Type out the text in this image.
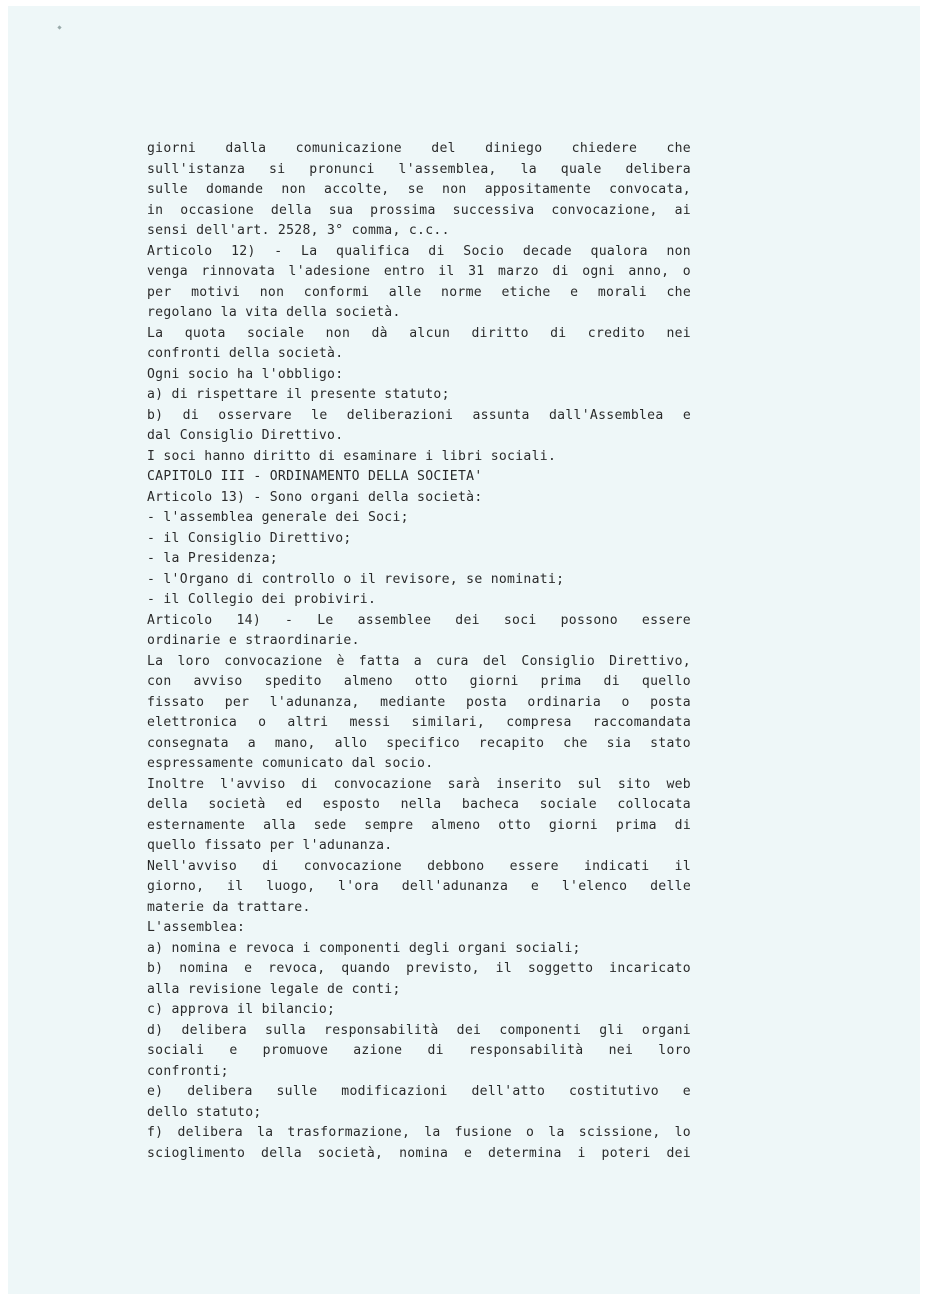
giorni dalla comunicazione del diniego chiedere che
sull'istanza si pronunci l'assemblea, la quale delibera
sulle domande non accolte, se non appositamente convocata,
in occasione della sua prossima successiva convocazione, ai
sensi dell'art. 2528, 3° comma, c.c..
Articolo 12) - La qualifica di Socio decade qualora non
venga rinnovata l'adesione entro il 31 marzo di ogni anno, o
per motivi non conformi alle norme etiche e morali che
regolano la vita della società.
La quota sociale non dà alcun diritto di credito nei
confronti della società.
Ogni socio ha l'obbligo:
a) di rispettare il presente statuto;
b) di osservare le deliberazioni assunta dall'Assemblea e
dal Consiglio Direttivo.
I soci hanno diritto di esaminare i libri sociali.
CAPITOLO III - ORDINAMENTO DELLA SOCIETA'
Articolo 13) - Sono organi della società:
- l'assemblea generale dei Soci;
- il Consiglio Direttivo;
- la Presidenza;
- l'Organo di controllo o il revisore, se nominati;
- il Collegio dei probiviri.
Articolo 14) - Le assemblee dei soci possono essere
ordinarie e straordinarie.
La loro convocazione è fatta a cura del Consiglio Direttivo,
con avviso spedito almeno otto giorni prima di quello
fissato per l'adunanza, mediante posta ordinaria o posta
elettronica o altri messi similari, compresa raccomandata
consegnata a mano, allo specifico recapito che sia stato
espressamente comunicato dal socio.
Inoltre l'avviso di convocazione sarà inserito sul sito web
della società ed esposto nella bacheca sociale collocata
esternamente alla sede sempre almeno otto giorni prima di
quello fissato per l'adunanza.
Nell'avviso di convocazione debbono essere indicati il
giorno, il luogo, l'ora dell'adunanza e l'elenco delle
materie da trattare.
L'assemblea:
a) nomina e revoca i componenti degli organi sociali;
b) nomina e revoca, quando previsto, il soggetto incaricato
alla revisione legale de conti;
c) approva il bilancio;
d) delibera sulla responsabilità dei componenti gli organi
sociali e promuove azione di responsabilità nei loro
confronti;
e) delibera sulle modificazioni dell'atto costitutivo e
dello statuto;
f) delibera la trasformazione, la fusione o la scissione, lo
scioglimento della società, nomina e determina i poteri dei
